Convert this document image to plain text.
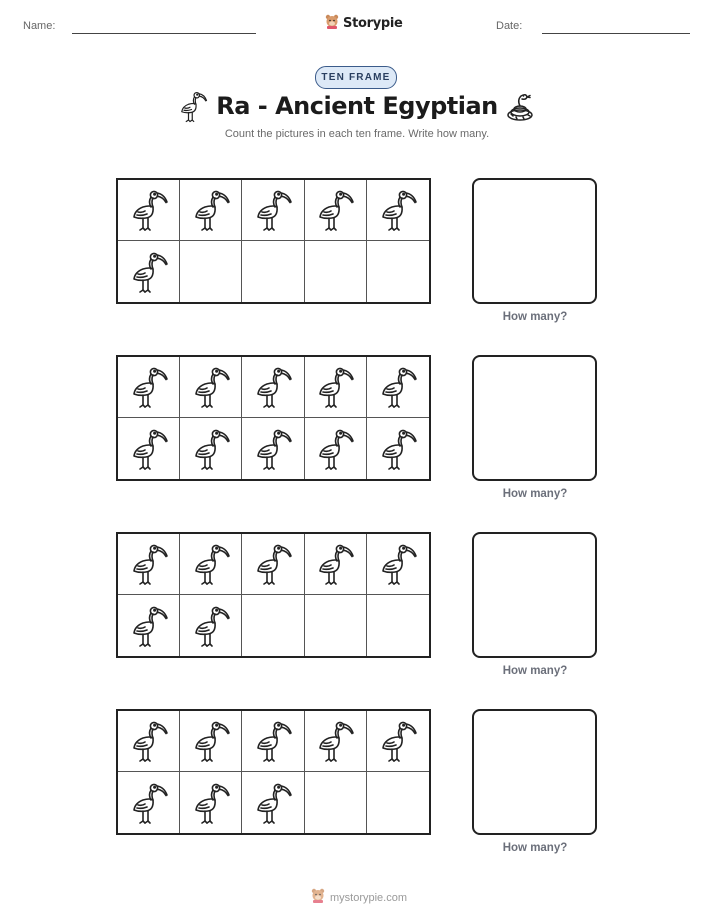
Name:	Storypie	Date:
TEN FRAME
Ra - Ancient Egyptian
Count the pictures in each ten frame. Write how many.
How many?
How many?
How many?
How many?
mystorypie.com
